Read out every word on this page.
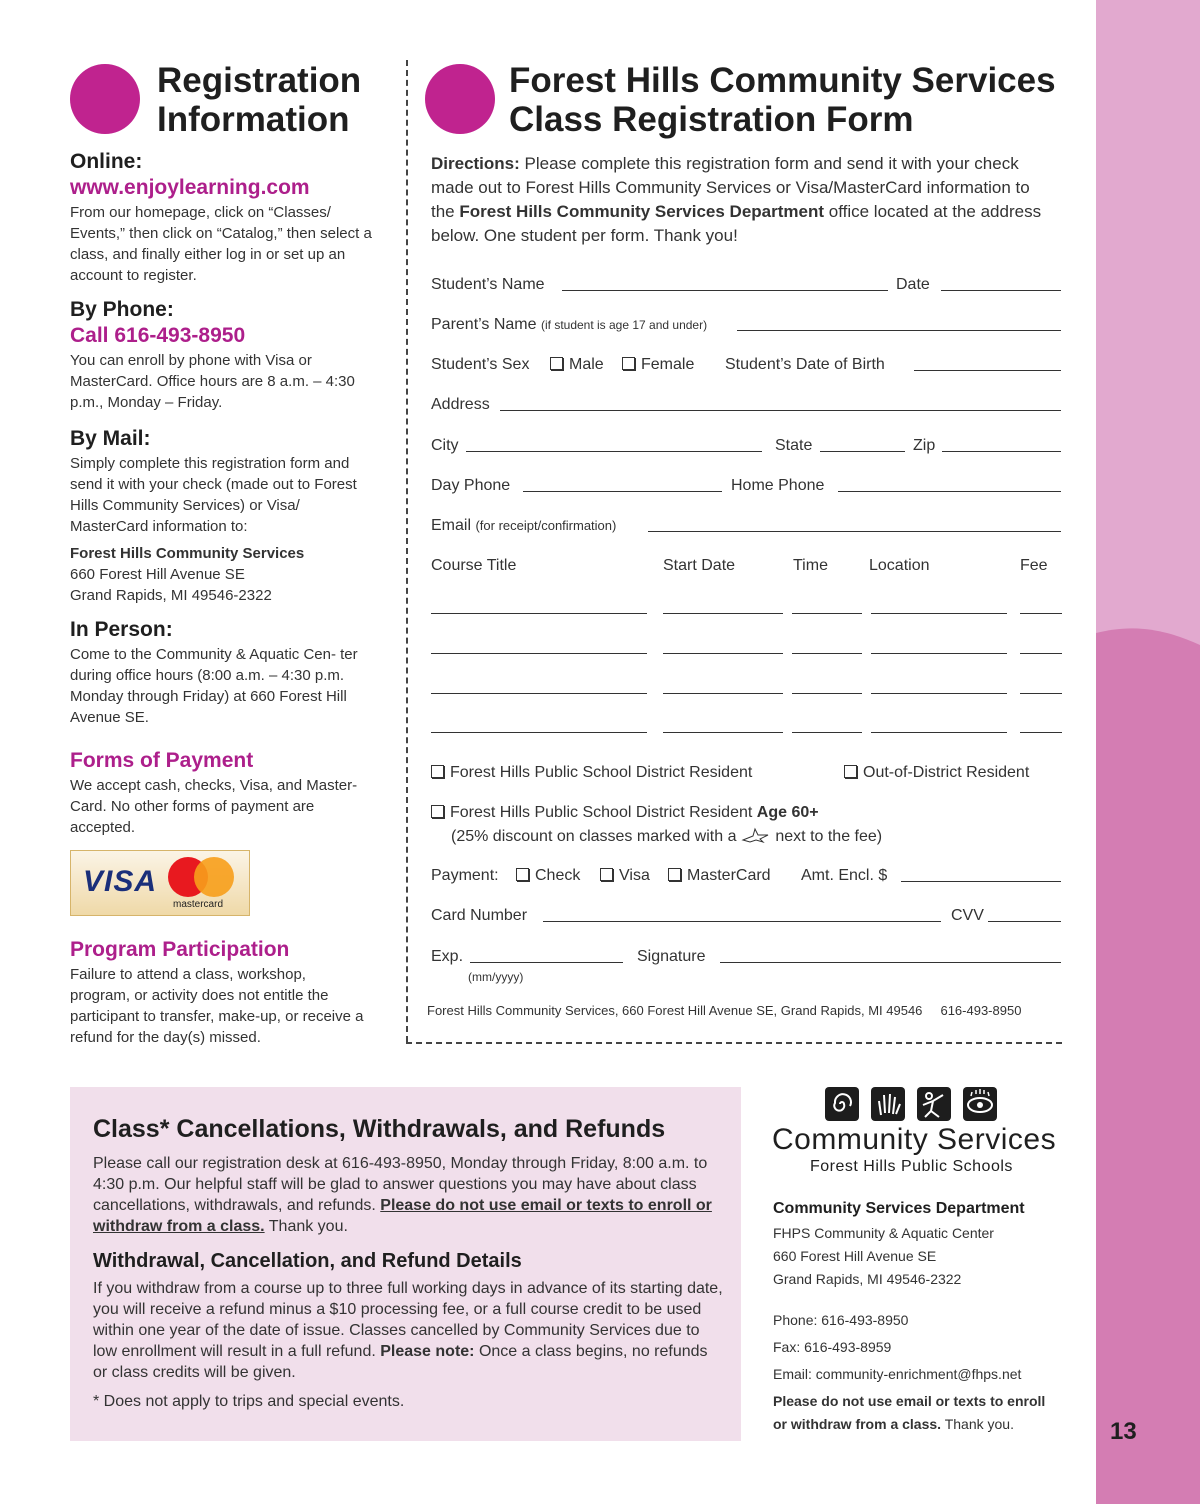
13
Registration
Information
Online:
www.enjoylearning.com
From our homepage, click on “Classes/ Events,” then click on “Catalog,” then select a class, and finally either log in or set up an account to register.
By Phone:
Call 616-493-8950
You can enroll by phone with Visa or MasterCard. Office hours are 8 a.m. – 4:30 p.m., Monday – Friday.
By Mail:
Simply complete this registration form and send it with your check (made out to Forest Hills Community Services) or Visa/ MasterCard information to:
Forest Hills Community Services
660 Forest Hill Avenue SE
Grand Rapids, MI 49546-2322
In Person:
Come to the Community & Aquatic Cen- ter during office hours (8:00 a.m. – 4:30 p.m. Monday through Friday) at 660 Forest Hill Avenue SE.
Forms of Payment
We accept cash, checks, Visa, and Master- Card. No other forms of payment are accepted.
VISA
mastercard
Program Participation
Failure to attend a class, workshop, program, or activity does not entitle the participant to transfer, make-up, or receive a refund for the day(s) missed.
Forest Hills Community Services
Class Registration Form
Directions: Please complete this registration form and send it with your check made out to Forest Hills Community Services or Visa/MasterCard information to the Forest Hills Community Services Department office located at the address below. One student per form. Thank you!
Student’s Name	Date
Parent’s Name (if student is age 17 and under)
Student’s Sex	Male	Female Student’s Date of Birth
Address
City	State	Zip
Day Phone	Home Phone
Email (for receipt/confirmation)
Course Title	Start Date	Time	Location	Fee
Forest Hills Public School District Resident	Out-of-District Resident
Forest Hills Public School District Resident Age 60+
(25% discount on classes marked with a next to the fee)
Payment:	Check	Visa	MasterCard Amt. Encl. $
Card Number	CVV
Exp.
(mm/yyyy)
Signature
Forest Hills Community Services, 660 Forest Hill Avenue SE, Grand Rapids, MI 49546     616-493-8950
Class* Cancellations, Withdrawals, and Refunds
Please call our registration desk at 616-493-8950, Monday through Friday, 8:00 a.m. to 4:30 p.m. Our helpful staff will be glad to answer questions you may have about class cancellations, withdrawals, and refunds. Please do not use email or texts to enroll or withdraw from a class. Thank you.
Withdrawal, Cancellation, and Refund Details
If you withdraw from a course up to three full working days in advance of its starting date, you will receive a refund minus a $10 processing fee, or a full course credit to be used within one year of the date of issue. Classes cancelled by Community Services due to low enrollment will result in a full refund. Please note: Once a class begins, no refunds or class credits will be given.
* Does not apply to trips and special events.
Community Services
Forest Hills Public Schools
Community Services Department
FHPS Community & Aquatic Center
660 Forest Hill Avenue SE
Grand Rapids, MI 49546-2322
Phone: 616-493-8950
Fax: 616-493-8959
Email: community-enrichment@fhps.net
Please do not use email or texts to enroll or withdraw from a class. Thank you.
